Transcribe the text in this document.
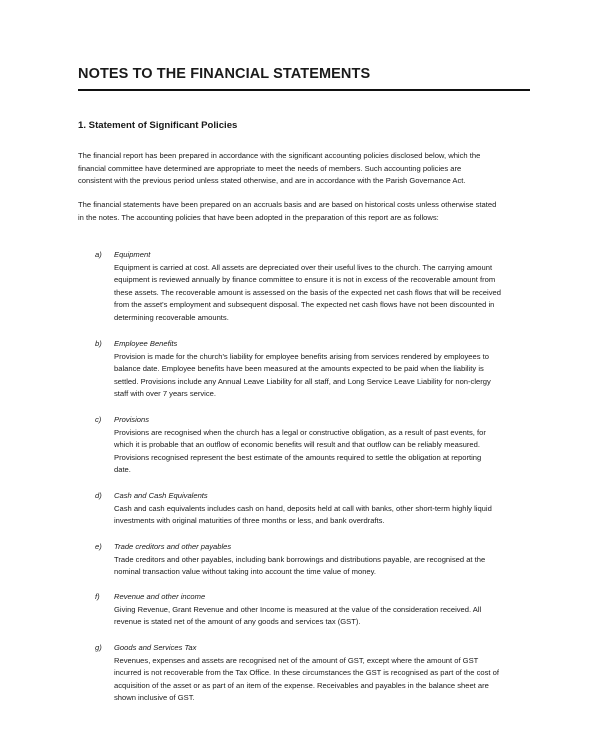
NOTES TO THE FINANCIAL STATEMENTS
1. Statement of Significant Policies

The financial report has been prepared in accordance with the significant accounting policies disclosed below, which the
financial committee have determined are appropriate to meet the needs of members. Such accounting policies are
consistent with the previous period unless stated otherwise, and are in accordance with the Parish Governance Act.

The financial statements have been prepared on an accruals basis and are based on historical costs unless otherwise stated
in the notes. The accounting policies that have been adopted in the preparation of this report are as follows:

a) Equipment

Equipment is carried at cost. All assets are depreciated over their useful lives to the church. The carrying amount
equipment is reviewed annually by finance committee to ensure it is not in excess of the recoverable amount from
these assets. The recoverable amount is assessed on the basis of the expected net cash flows that will be received
from the asset's employment and subsequent disposal. The expected net cash flows have not been discounted in
determining recoverable amounts.

b) Employee Benefits

Provision is made for the church's liability for employee benefits arising from services rendered by employees to
balance date. Employee benefits have been measured at the amounts expected to be paid when the liability is
settled. Provisions include any Annual Leave Liability for all staff, and Long Service Leave Liability for non-clergy
staff with over 7 years service.

c) Provisions

Provisions are recognised when the church has a legal or constructive obligation, as a result of past events, for
which it is probable that an outflow of economic benefits will result and that outflow can be reliably measured.
Provisions recognised represent the best estimate of the amounts required to settle the obligation at reporting
date.

d) Cash and Cash Equivalents

Cash and cash equivalents includes cash on hand, deposits held at call with banks, other short-term highly liquid
investments with original maturities of three months or less, and bank overdrafts.

e) Trade creditors and other payables

Trade creditors and other payables, including bank borrowings and distributions payable, are recognised at the
nominal transaction value without taking into account the time value of money.

f) Revenue and other income

Giving Revenue, Grant Revenue and other Income is measured at the value of the consideration received. All
revenue is stated net of the amount of any goods and services tax (GST).

g) Goods and Services Tax

Revenues, expenses and assets are recognised net of the amount of GST, except where the amount of GST
incurred is not recoverable from the Tax Office. In these circumstances the GST is recognised as part of the cost of
acquisition of the asset or as part of an item of the expense. Receivables and payables in the balance sheet are
shown inclusive of GST.
